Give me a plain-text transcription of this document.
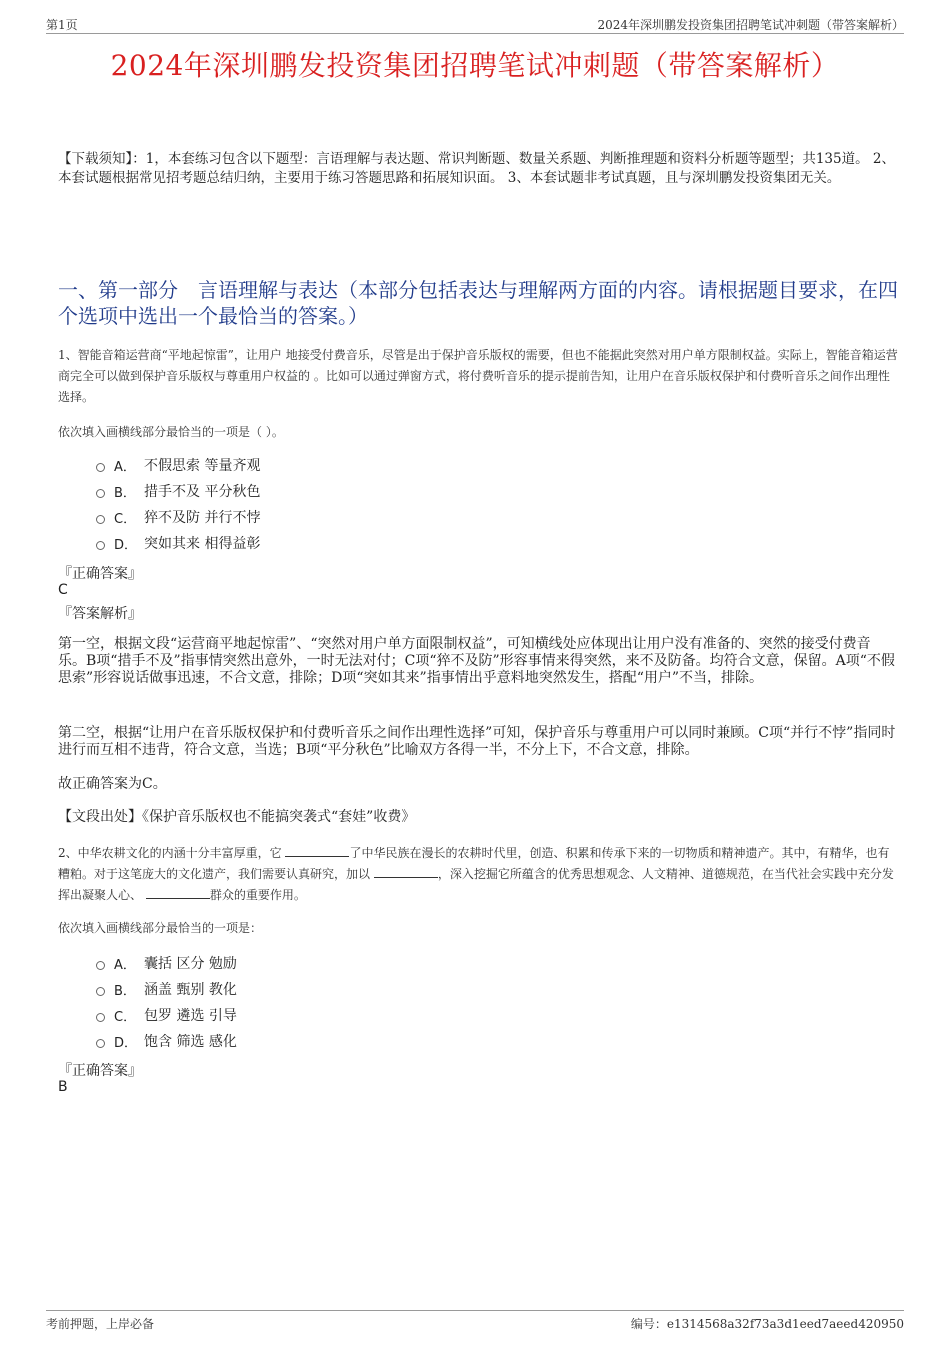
第1页	2024年深圳鹏发投资集团招聘笔试冲刺题（带答案解析）
2024年深圳鹏发投资集团招聘笔试冲刺题（带答案解析）
【下载须知】：1，本套练习包含以下题型：言语理解与表达题、常识判断题、数量关系题、判断推理题和资料分析题等题型；共135道。 2、本套试题根据常见招考题总结归纳，主要用于练习答题思路和拓展知识面。 3、本套试题非考试真题，且与深圳鹏发投资集团无关。
一、第一部分　言语理解与表达（本部分包括表达与理解两方面的内容。请根据题目要求，在四个选项中选出一个最恰当的答案。）
1、智能音箱运营商“平地起惊雷”，让用户 地接受付费音乐，尽管是出于保护音乐版权的需要，但也不能据此突然对用户单方限制权益。实际上，智能音箱运营商完全可以做到保护音乐版权与尊重用户权益的 。比如可以通过弹窗方式，将付费听音乐的提示提前告知，让用户在音乐版权保护和付费听音乐之间作出理性选择。
依次填入画横线部分最恰当的一项是（ ）。
A． 不假思索 等量齐观
B． 措手不及 平分秋色
C． 猝不及防 并行不悖
D． 突如其来 相得益彰
『正确答案』
C
『答案解析』
第一空，根据文段“运营商平地起惊雷”、“突然对用户单方面限制权益”，可知横线处应体现出让用户没有准备的、突然的接受付费音乐。B项“措手不及”指事情突然出意外，一时无法对付；C项“猝不及防”形容事情来得突然，来不及防备。均符合文意，保留。A项“不假思索”形容说话做事迅速，不合文意，排除；D项“突如其来”指事情出乎意料地突然发生，搭配“用户”不当，排除。
第二空，根据“让用户在音乐版权保护和付费听音乐之间作出理性选择”可知，保护音乐与尊重用户可以同时兼顾。C项“并行不悖”指同时进行而互相不违背，符合文意，当选；B项“平分秋色”比喻双方各得一半，不分上下，不合文意，排除。
故正确答案为C。
【文段出处】《保护音乐版权也不能搞突袭式“套娃”收费》
2、中华农耕文化的内涵十分丰富厚重，它	了中华民族在漫长的农耕时代里，创造、积累和传承下来的一切物质和精神遗产。其中，有精华，也有糟粕。对于这笔庞大的文化遗产，我们需要认真研究，加以	，深入挖掘它所蕴含的优秀思想观念、人文精神、道德规范，在当代社会实践中充分发挥出凝聚人心、	群众的重要作用。
依次填入画横线部分最恰当的一项是：
A． 囊括 区分 勉励
B． 涵盖 甄别 教化
C． 包罗 遴选 引导
D． 饱含 筛选 感化
『正确答案』
B
考前押题，上岸必备	编号：e1314568a32f73a3d1eed7aeed420950
